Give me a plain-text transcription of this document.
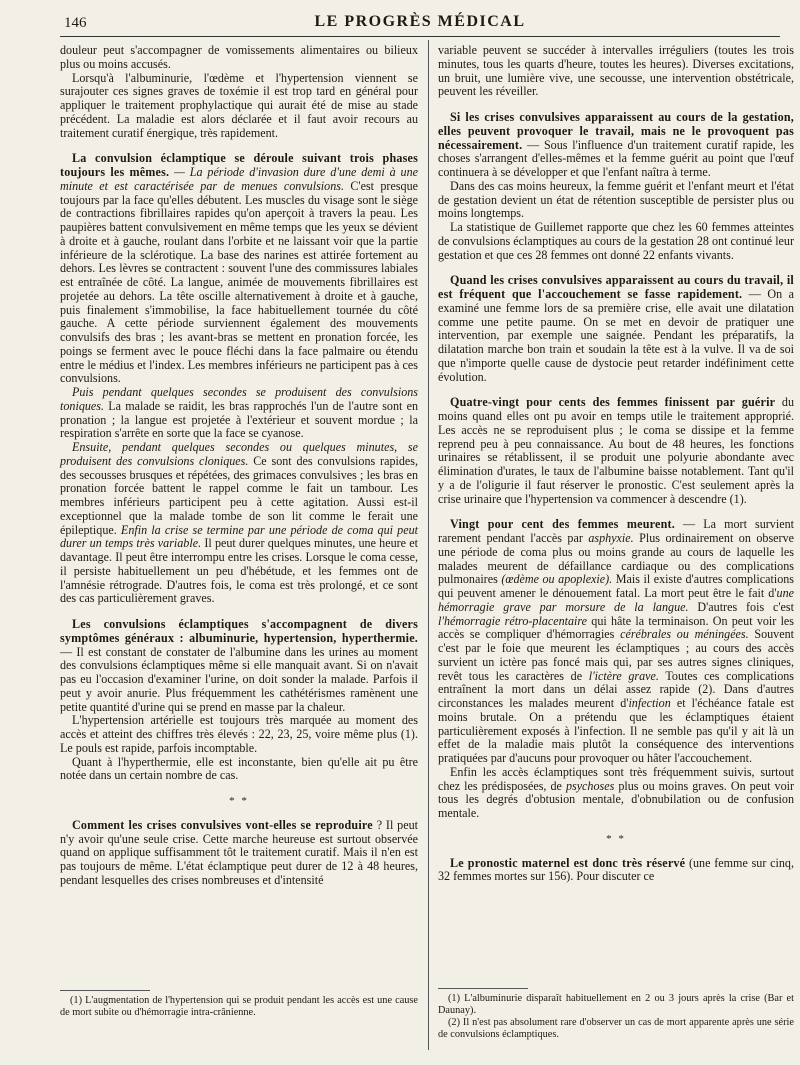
146	LE PROGRÈS MÉDICAL

douleur peut s'accompagner de vomissements alimentaires ou bilieux plus ou moins accusés.

Lorsqu'à l'albuminurie, l'œdème et l'hypertension viennent se surajouter ces signes graves de toxémie il est trop tard en général pour appliquer le traitement prophylactique qui aurait été de mise au stade précédent. La maladie est alors déclarée et il faut avoir recours au traitement curatif énergique, très rapidement.

La convulsion éclamptique se déroule suivant trois phases toujours les mêmes. — La période d'invasion dure d'une demi à une minute et est caractérisée par de menues convulsions. C'est presque toujours par la face qu'elles débutent. Les muscles du visage sont le siège de contractions fibrillaires rapides qu'on aperçoit à travers la peau. Les paupières battent convulsivement en même temps que les yeux se dévient à droite et à gauche, roulant dans l'orbite et ne laissant voir que la partie inférieure de la sclérotique. La base des narines est attirée fortement au dehors. Les lèvres se contractent : souvent l'une des commissures labiales est entraînée de côté. La langue, animée de mouvements fibrillaires est projetée au dehors. La tête oscille alternativement à droite et à gauche, puis finalement s'immobilise, la face habituellement tournée du côté gauche. A cette période surviennent également des mouvements convulsifs des bras ; les avant-bras se mettent en pronation forcée, les poings se ferment avec le pouce fléchi dans la face palmaire ou étendu entre le médius et l'index. Les membres inférieurs ne participent pas à ces convulsions.

Puis pendant quelques secondes se produisent des convulsions toniques. La malade se raidit, les bras rapprochés l'un de l'autre sont en pronation ; la langue est projetée à l'extérieur et souvent mordue ; la respiration s'arrête en sorte que la face se cyanose.

Ensuite, pendant quelques secondes ou quelques minutes, se produisent des convulsions cloniques. Ce sont des convulsions rapides, des secousses brusques et répétées, des grimaces convulsives ; les bras en pronation forcée battent le rappel comme le fait un tambour. Les membres inférieurs participent peu à cette agitation. Aussi est-il exceptionnel que la malade tombe de son lit comme le ferait une épileptique. Enfin la crise se termine par une période de coma qui peut durer un temps très variable. Il peut durer quelques minutes, une heure et davantage. Il peut être interrompu entre les crises. Lorsque le coma cesse, il persiste habituellement un peu d'hébétude, et les femmes ont de l'amnésie rétrograde. D'autres fois, le coma est très prolongé, et ce sont des cas particulièrement graves.

Les convulsions éclamptiques s'accompagnent de divers symptômes généraux : albuminurie, hypertension, hyperthermie. — Il est constant de constater de l'albumine dans les urines au moment des convulsions éclamptiques même si elle manquait avant. Si on n'avait pas eu l'occasion d'examiner l'urine, on doit sonder la malade. Parfois il peut y avoir anurie. Plus fréquemment les cathétérismes ramènent une petite quantité d'urine qui se prend en masse par la chaleur.

L'hypertension artérielle est toujours très marquée au moment des accès et atteint des chiffres très élevés : 22, 23, 25, voire même plus (1). Le pouls est rapide, parfois incomptable.

Quant à l'hyperthermie, elle est inconstante, bien qu'elle ait pu être notée dans un certain nombre de cas.

* *

Comment les crises convulsives vont-elles se reproduire ? Il peut n'y avoir qu'une seule crise. Cette marche heureuse est surtout observée quand on applique suffisamment tôt le traitement curatif. Mais il n'en est pas toujours de même. L'état éclamptique peut durer de 12 à 48 heures, pendant lesquelles des crises nombreuses et d'intensité

variable peuvent se succéder à intervalles irréguliers (toutes les trois minutes, tous les quarts d'heure, toutes les heures). Diverses excitations, un bruit, une lumière vive, une secousse, une intervention obstétricale, peuvent les réveiller.

Si les crises convulsives apparaissent au cours de la gestation, elles peuvent provoquer le travail, mais ne le provoquent pas nécessairement. — Sous l'influence d'un traitement curatif rapide, les choses s'arrangent d'elles-mêmes et la femme guérit au point que l'œuf continuera à se développer et que l'enfant naîtra à terme.

Dans des cas moins heureux, la femme guérit et l'enfant meurt et l'état de gestation devient un état de rétention susceptible de persister plus ou moins longtemps.

La statistique de Guillemet rapporte que chez les 60 femmes atteintes de convulsions éclamptiques au cours de la gestation 28 ont continué leur gestation et que ces 28 femmes ont donné 22 enfants vivants.

Quand les crises convulsives apparaissent au cours du travail, il est fréquent que l'accouchement se fasse rapidement. — On a examiné une femme lors de sa première crise, elle avait une dilatation comme une petite paume. On se met en devoir de pratiquer une intervention, par exemple une saignée. Pendant les préparatifs, la dilatation marche bon train et soudain la tête est à la vulve. Il va de soi que n'importe quelle cause de dystocie peut retarder indéfiniment cette évolution.

Quatre-vingt pour cents des femmes finissent par guérir du moins quand elles ont pu avoir en temps utile le traitement approprié. Les accès ne se reproduisent plus ; le coma se dissipe et la femme reprend peu à peu connaissance. Au bout de 48 heures, les fonctions urinaires se rétablissent, il se produit une polyurie abondante avec élimination d'urates, le taux de l'albumine baisse notablement. Tant qu'il y a de l'oligurie il faut réserver le pronostic. C'est seulement après la crise urinaire que l'hypertension va commencer à descendre (1).

Vingt pour cent des femmes meurent. — La mort survient rarement pendant l'accès par asphyxie. Plus ordinairement on observe une période de coma plus ou moins grande au cours de laquelle les malades meurent de défaillance cardiaque ou des complications pulmonaires (œdème ou apoplexie). Mais il existe d'autres complications qui peuvent amener le dénouement fatal. La mort peut être le fait d'une hémorragie grave par morsure de la langue. D'autres fois c'est l'hémorragie rétro-placentaire qui hâte la terminaison. On peut voir les accès se compliquer d'hémorragies cérébrales ou méningées. Souvent c'est par le foie que meurent les éclamptiques ; au cours des accès survient un ictère pas foncé mais qui, par ses autres signes cliniques, revêt tous les caractères de l'ictère grave. Toutes ces complications entraînent la mort dans un délai assez rapide (2). Dans d'autres circonstances les malades meurent d'infection et l'échéance fatale est moins brutale. On a prétendu que les éclamptiques étaient particulièrement exposés à l'infection. Il ne semble pas qu'il y ait là un effet de la maladie mais plutôt la conséquence des interventions pratiquées par d'aucuns pour provoquer ou hâter l'accouchement.

Enfin les accès éclamptiques sont très fréquemment suivis, surtout chez les prédisposées, de psychoses plus ou moins graves. On peut voir tous les degrés d'obtusion mentale, d'obnubilation ou de confusion mentale.

* *

Le pronostic maternel est donc très réservé (une femme sur cinq, 32 femmes mortes sur 156). Pour discuter ce

(1) L'augmentation de l'hypertension qui se produit pendant les accès est une cause de mort subite ou d'hémorragie intra-crânienne.

(1) L'albuminurie disparaît habituellement en 2 ou 3 jours après la crise (Bar et Daunay).

(2) Il n'est pas absolument rare d'observer un cas de mort apparente après une série de convulsions éclamptiques.
